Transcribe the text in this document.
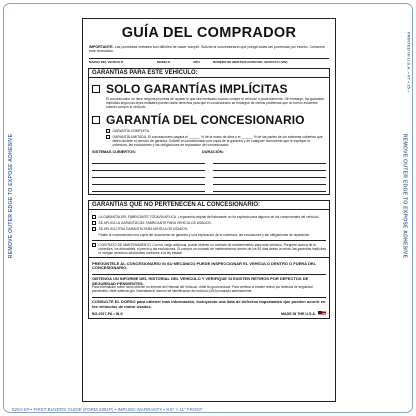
REMOVE OUTER EDGE TO EXPOSE ADHESIVE	REMOVE OUTER EDGE TO EXPOSE ADHESIVE
PRINTED IN U.S.A. • 07 • 15 •
GUÍA DEL COMPRADOR
IMPORTANTE: Las promesas verbales son difíciles de hacer cumplir. Solicite al concesionario que ponga todas las promesas por escrito. Conserve este formulario.
MARCA DEL VEHÍCULO	MODELO	AÑO	NÚMERO DE IDENTIFICACIÓN DEL VEHÍCULO (VIN)
GARANTÍAS PARA ESTE VEHÍCULO:
SOLO GARANTÍAS IMPLÍCITAS
El concesionario no hace ninguna promesa de reparar lo que sea necesario cuando compre el vehículo o posteriormente. Sin embargo, las garantías implícitas según las leyes estatales pueden darle derechos para que el concesionario se encargue de ciertos problemas que no fueron evidentes cuando compró el vehículo.
GARANTÍA DEL CONCESIONARIO
GARANTÍA COMPLETA.
GARANTÍA LIMITADA. El concesionario pagará el ______ % de la mano de obra y el ______ % de las partes de los sistemas cubiertos que fallen durante el período de garantía. Solicite al concesionario una copia de la garantía y de cualquier documento que le explique la cobertura, las exclusiones y las obligaciones de reparación del concesionario.
SISTEMAS CUBIERTOS:	DURACIÓN:
GARANTÍAS QUE NO PERTENECEN AL CONCESIONARIO:
LA GARANTÍA DEL FABRICANTE TODAVÍA APLICA. La garantía original del fabricante no ha expirado para algunos de los componentes del vehículo.
SE APLICA LA GARANTÍA DEL FABRICANTE PARA VEHÍCULOS USADOS.
SE APLICA OTRA GARANTÍA PARA VEHÍCULOS USADOS.
Pídale al concesionario una copia del documento de garantía y una explicación de la cobertura, las exclusiones y las obligaciones de reparación.
CONTRATO DE MANTENIMIENTO. Con un cargo adicional, puede obtener un contrato de mantenimiento para este vehículo. Pregunte acerca de la cobertura, los deducibles, el precio y las exclusiones. Si compra un contrato de mantenimiento dentro de los 90 días desde la venta, las garantías implícitas le otorgan derechos adicionales conforme a la ley estatal.
PREGÚNTELE AL CONCESIONARIO SI SU MECÁNICO PUEDE INSPECCIONAR EL VEHÍCULO DENTRO O FUERA DEL CONCESIONARIO.
OBTENGA UN INFORME DEL HISTORIAL DEL VEHÍCULO Y VERIFIQUE SI EXISTEN RETIROS POR DEFECTOS DE SEGURIDAD PENDIENTES.
Para información sobre cómo obtener un Informe del Historial del Vehículo, visite ftc.gov/usedcars. Para verificar si existen retiros por defectos de seguridad pendientes, visite safercar.gov. Necesitará el número de identificación del vehículo (VIN) mostrado anteriormente.
CONSULTE EL DORSO para obtener más información, incluyendo una lista de defectos importantes que pueden ocurrir en los vehículos de motor usados.
BG-2017-PA • IN-S	MADE IN THE U.S.A.
8204-SP • FIRST BUYERS GUIDE (FORM 4301P) • IMPLIED WARRANTY • 8.5" × 11" FRONT
